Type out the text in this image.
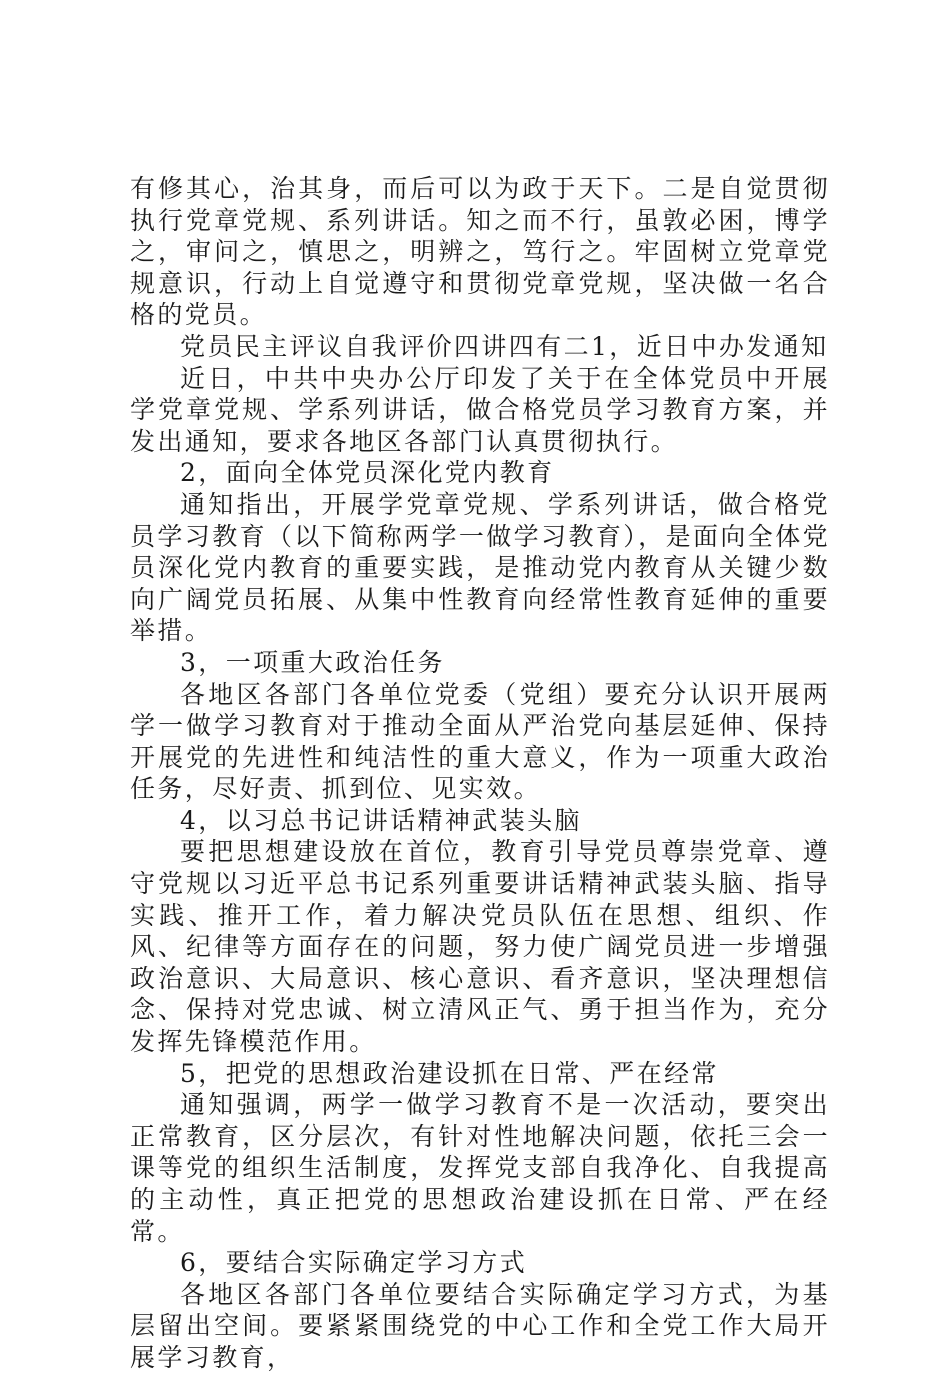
有修其心，治其身，而后可以为政于天下。二是自觉贯彻执行党章党规、系列讲话。知之而不行，虽敦必困，博学之，审问之，慎思之，明辨之，笃行之。牢固树立党章党规意识，行动上自觉遵守和贯彻党章党规，坚决做一名合格的党员。

党员民主评议自我评价四讲四有二1，近日中办发通知

近日，中共中央办公厅印发了关于在全体党员中开展学党章党规、学系列讲话，做合格党员学习教育方案，并发出通知，要求各地区各部门认真贯彻执行。

2，面向全体党员深化党内教育

通知指出，开展学党章党规、学系列讲话，做合格党员学习教育（以下简称两学一做学习教育），是面向全体党员深化党内教育的重要实践，是推动党内教育从关键少数向广阔党员拓展、从集中性教育向经常性教育延伸的重要举措。

3，一项重大政治任务

各地区各部门各单位党委（党组）要充分认识开展两学一做学习教育对于推动全面从严治党向基层延伸、保持开展党的先进性和纯洁性的重大意义，作为一项重大政治任务，尽好责、抓到位、见实效。

4，以习总书记讲话精神武装头脑

要把思想建设放在首位，教育引导党员尊崇党章、遵守党规以习近平总书记系列重要讲话精神武装头脑、指导实践、推开工作，着力解决党员队伍在思想、组织、作风、纪律等方面存在的问题，努力使广阔党员进一步增强政治意识、大局意识、核心意识、看齐意识，坚决理想信念、保持对党忠诚、树立清风正气、勇于担当作为，充分发挥先锋模范作用。

5，把党的思想政治建设抓在日常、严在经常

通知强调，两学一做学习教育不是一次活动，要突出正常教育，区分层次，有针对性地解决问题，依托三会一课等党的组织生活制度，发挥党支部自我净化、自我提高的主动性，真正把党的思想政治建设抓在日常、严在经常。

6，要结合实际确定学习方式

各地区各部门各单位要结合实际确定学习方式，为基层留出空间。要紧紧围绕党的中心工作和全党工作大局开展学习教育，
